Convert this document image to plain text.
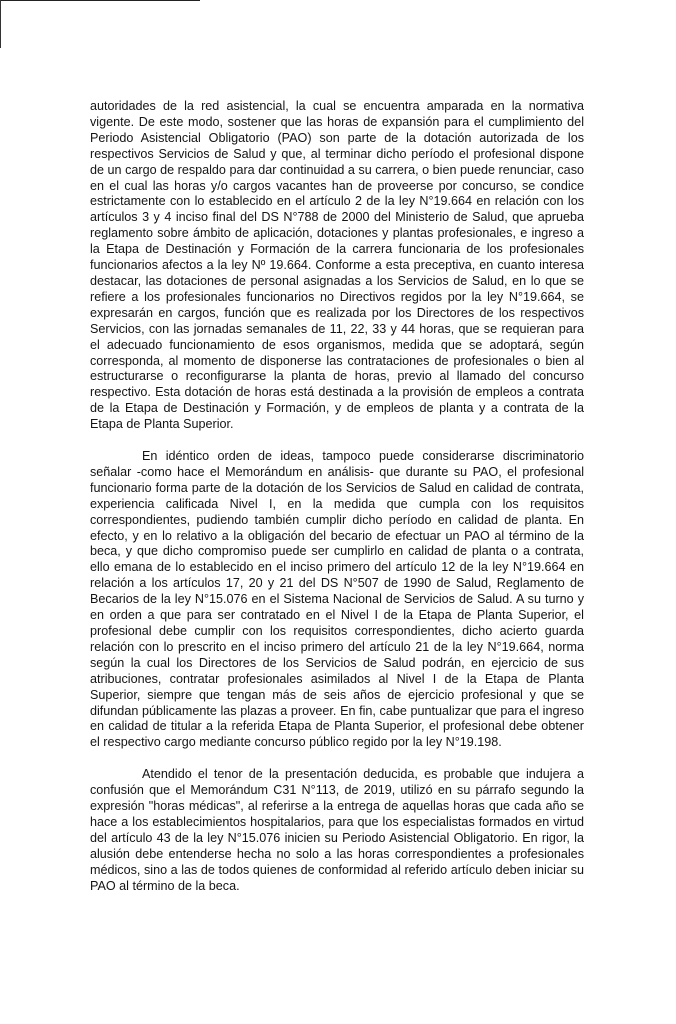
autoridades de la red asistencial, la cual se encuentra amparada en la normativa vigente. De este modo, sostener que las horas de expansión para el cumplimiento del Periodo Asistencial Obligatorio (PAO) son parte de la dotación autorizada de los respectivos Servicios de Salud y que, al terminar dicho período el profesional dispone de un cargo de respaldo para dar continuidad a su carrera, o bien puede renunciar, caso en el cual las horas y/o cargos vacantes han de proveerse por concurso, se condice estrictamente con lo establecido en el artículo 2 de la ley N°19.664 en relación con los artículos 3 y 4 inciso final del DS N°788 de 2000 del Ministerio de Salud, que aprueba reglamento sobre ámbito de aplicación, dotaciones y plantas profesionales, e ingreso a la Etapa de Destinación y Formación de la carrera funcionaria de los profesionales funcionarios afectos a la ley Nº 19.664. Conforme a esta preceptiva, en cuanto interesa destacar, las dotaciones de personal asignadas a los Servicios de Salud, en lo que se refiere a los profesionales funcionarios no Directivos regidos por la ley N°19.664, se expresarán en cargos, función que es realizada por los Directores de los respectivos Servicios, con las jornadas semanales de 11, 22, 33 y 44 horas, que se requieran para el adecuado funcionamiento de esos organismos, medida que se adoptará, según corresponda, al momento de disponerse las contrataciones de profesionales o bien al estructurarse o reconfigurarse la planta de horas, previo al llamado del concurso respectivo. Esta dotación de horas está destinada a la provisión de empleos a contrata de la Etapa de Destinación y Formación, y de empleos de planta y a contrata de la Etapa de Planta Superior.

En idéntico orden de ideas, tampoco puede considerarse discriminatorio señalar -como hace el Memorándum en análisis- que durante su PAO, el profesional funcionario forma parte de la dotación de los Servicios de Salud en calidad de contrata, experiencia calificada Nivel I, en la medida que cumpla con los requisitos correspondientes, pudiendo también cumplir dicho período en calidad de planta. En efecto, y en lo relativo a la obligación del becario de efectuar un PAO al término de la beca, y que dicho compromiso puede ser cumplirlo en calidad de planta o a contrata, ello emana de lo establecido en el inciso primero del artículo 12 de la ley N°19.664 en relación a los artículos 17, 20 y 21 del DS N°507 de 1990 de Salud, Reglamento de Becarios de la ley N°15.076 en el Sistema Nacional de Servicios de Salud. A su turno y en orden a que para ser contratado en el Nivel I de la Etapa de Planta Superior, el profesional debe cumplir con los requisitos correspondientes, dicho acierto guarda relación con lo prescrito en el inciso primero del artículo 21 de la ley N°19.664, norma según la cual los Directores de los Servicios de Salud podrán, en ejercicio de sus atribuciones, contratar profesionales asimilados al Nivel I de la Etapa de Planta Superior, siempre que tengan más de seis años de ejercicio profesional y que se difundan públicamente las plazas a proveer. En fin, cabe puntualizar que para el ingreso en calidad de titular a la referida Etapa de Planta Superior, el profesional debe obtener el respectivo cargo mediante concurso público regido por la ley N°19.198.

Atendido el tenor de la presentación deducida, es probable que indujera a confusión que el Memorándum C31 N°113, de 2019, utilizó en su párrafo segundo la expresión "horas médicas", al referirse a la entrega de aquellas horas que cada año se hace a los establecimientos hospitalarios, para que los especialistas formados en virtud del artículo 43 de la ley N°15.076 inicien su Periodo Asistencial Obligatorio. En rigor, la alusión debe entenderse hecha no solo a las horas correspondientes a profesionales médicos, sino a las de todos quienes de conformidad al referido artículo deben iniciar su PAO al término de la beca.
